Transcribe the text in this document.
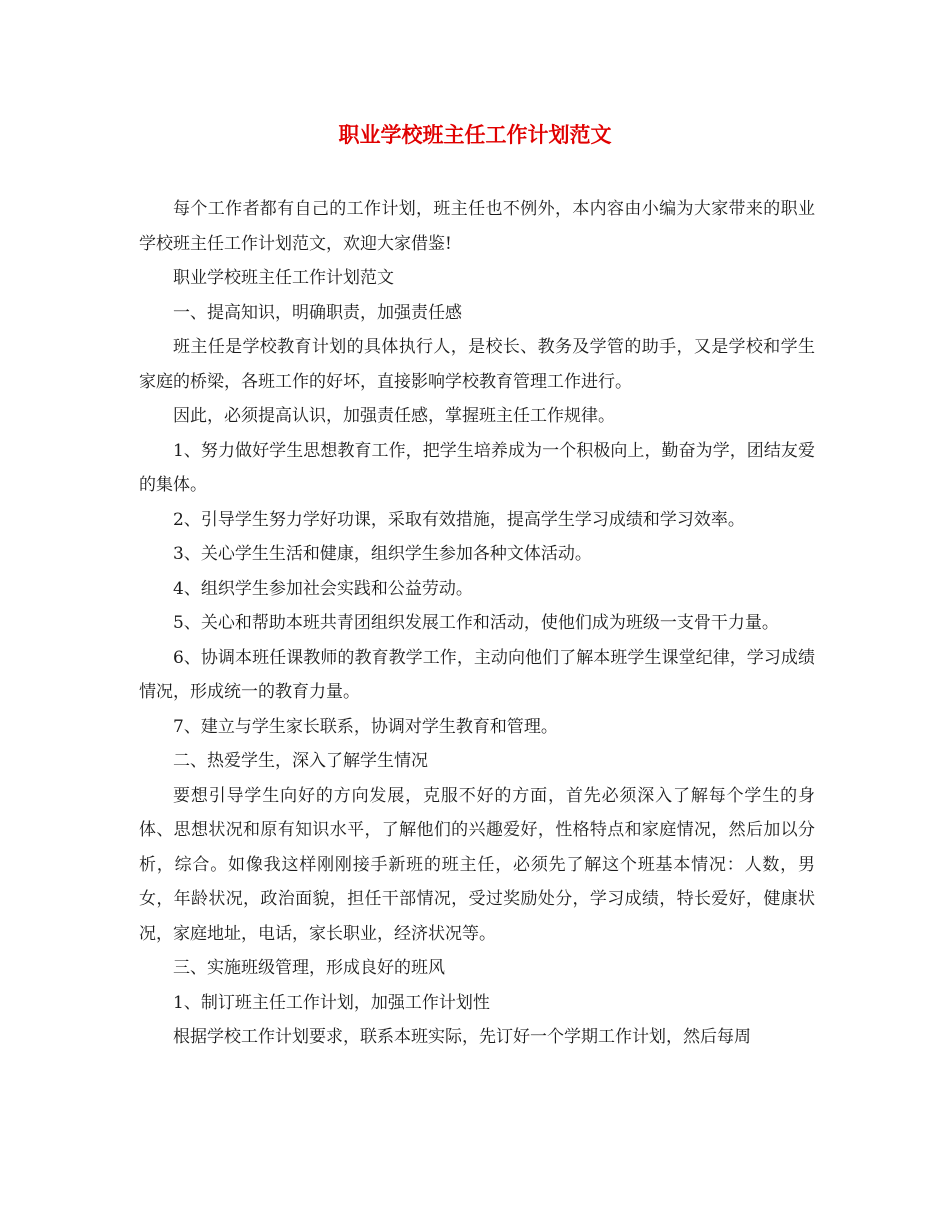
职业学校班主任工作计划范文

每个工作者都有自己的工作计划，班主任也不例外，本内容由小编为大家带来的职业学校班主任工作计划范文，欢迎大家借鉴!

职业学校班主任工作计划范文

一、提高知识，明确职责，加强责任感

班主任是学校教育计划的具体执行人，是校长、教务及学管的助手，又是学校和学生家庭的桥梁，各班工作的好坏，直接影响学校教育管理工作进行。

因此，必须提高认识，加强责任感，掌握班主任工作规律。

1、努力做好学生思想教育工作，把学生培养成为一个积极向上，勤奋为学，团结友爱的集体。

2、引导学生努力学好功课，采取有效措施，提高学生学习成绩和学习效率。

3、关心学生生活和健康，组织学生参加各种文体活动。

4、组织学生参加社会实践和公益劳动。

5、关心和帮助本班共青团组织发展工作和活动，使他们成为班级一支骨干力量。

6、协调本班任课教师的教育教学工作，主动向他们了解本班学生课堂纪律，学习成绩情况，形成统一的教育力量。

7、建立与学生家长联系，协调对学生教育和管理。

二、热爱学生，深入了解学生情况

要想引导学生向好的方向发展，克服不好的方面，首先必须深入了解每个学生的身体、思想状况和原有知识水平，了解他们的兴趣爱好，性格特点和家庭情况，然后加以分析，综合。如像我这样刚刚接手新班的班主任，必须先了解这个班基本情况：人数，男女，年龄状况，政治面貌，担任干部情况，受过奖励处分，学习成绩，特长爱好，健康状况，家庭地址，电话，家长职业，经济状况等。

三、实施班级管理，形成良好的班风

1、制订班主任工作计划，加强工作计划性

根据学校工作计划要求，联系本班实际，先订好一个学期工作计划，然后每周
